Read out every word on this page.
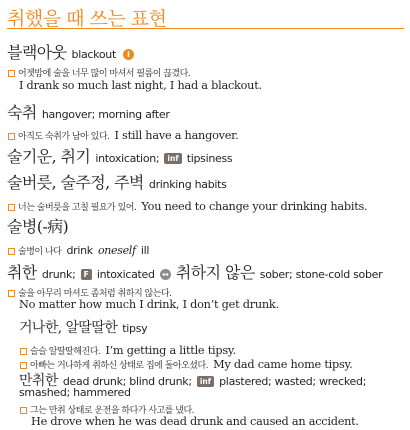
취했을 때 쓰는 표현
블랙아웃 blackout i
어젯밤에 술을 너무 많이 마셔서 필름이 끊겼다.
I drank so much last night, I had a blackout.
숙취 hangover; morning after
아직도 숙취가 남아 있다. I still have a hangover.
술기운, 취기 intoxication; inf tipsiness
술버릇, 술주정, 주벽 drinking habits
너는 술버릇을 고칠 필요가 있어. You need to change your drinking habits.
술병(-病)
술병이 나다 drink oneself ill
취한 drunk; F intoxicated ↔ 취하지 않은 sober; stone-cold sober
술을 아무리 마셔도 좀처럼 취하지 않는다.
No matter how much I drink, I don’t get drunk.
거나한, 알딸딸한 tipsy
슬슬 알딸딸해진다. I’m getting a little tipsy.
아빠는 거나하게 취하신 상태로 집에 돌아오셨다. My dad came home tipsy.
만취한 dead drunk; blind drunk; inf plastered; wasted; wrecked;
smashed; hammered
그는 만취 상태로 운전을 하다가 사고를 냈다.
He drove when he was dead drunk and caused an accident.
